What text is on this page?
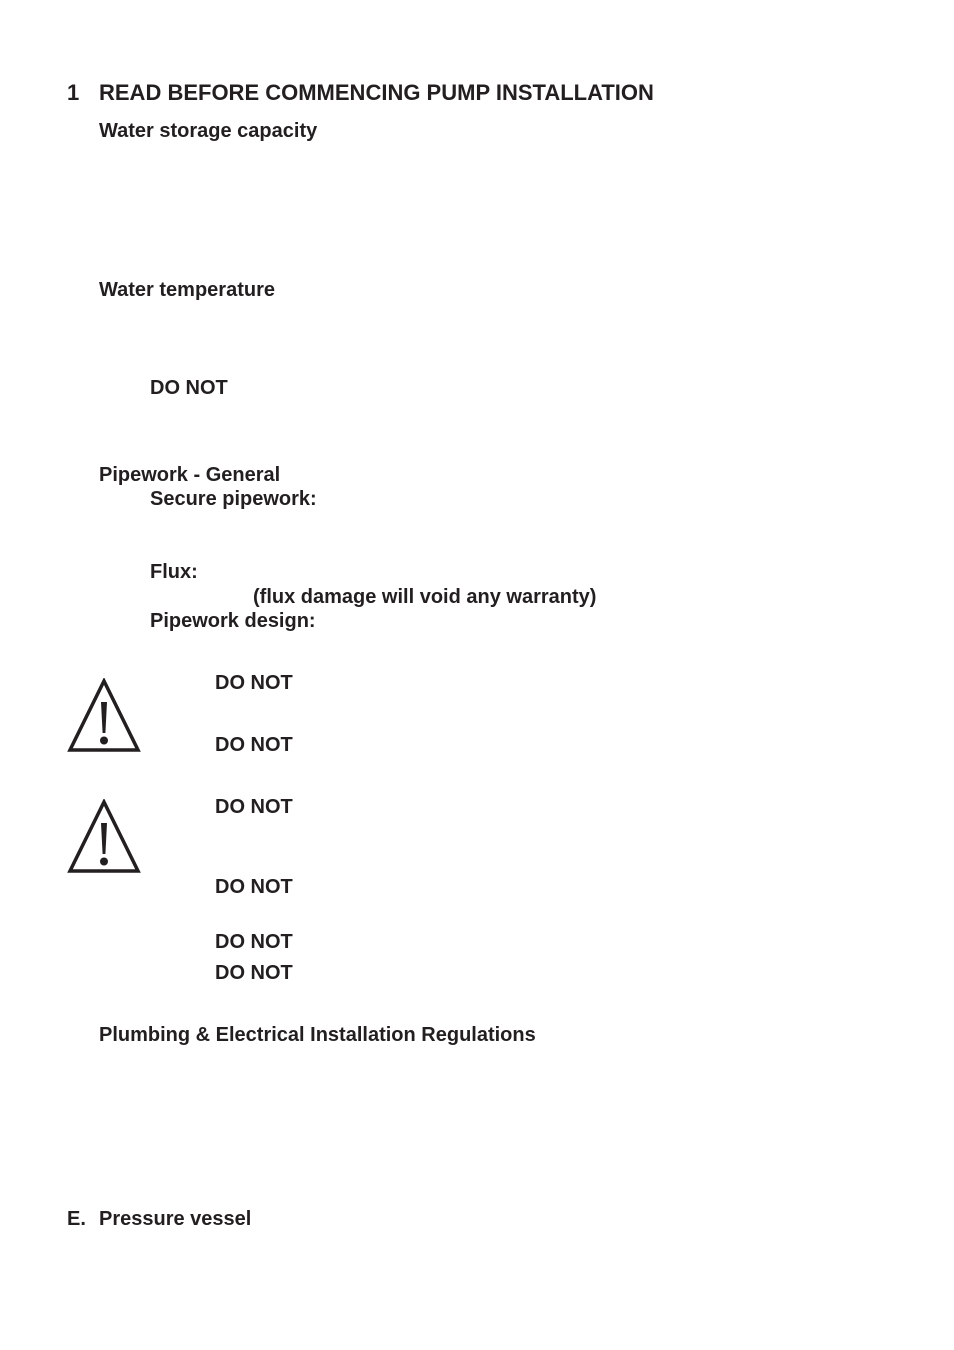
1 READ BEFORE COMMENCING PUMP INSTALLATION
Water storage capacity
Water temperature
DO NOT
Pipework - General
Secure pipework:
Flux:
(flux damage will void any warranty)
Pipework design:
DO NOT
DO NOT
DO NOT
DO NOT
DO NOT
DO NOT
Plumbing & Electrical Installation Regulations
E. Pressure vessel
